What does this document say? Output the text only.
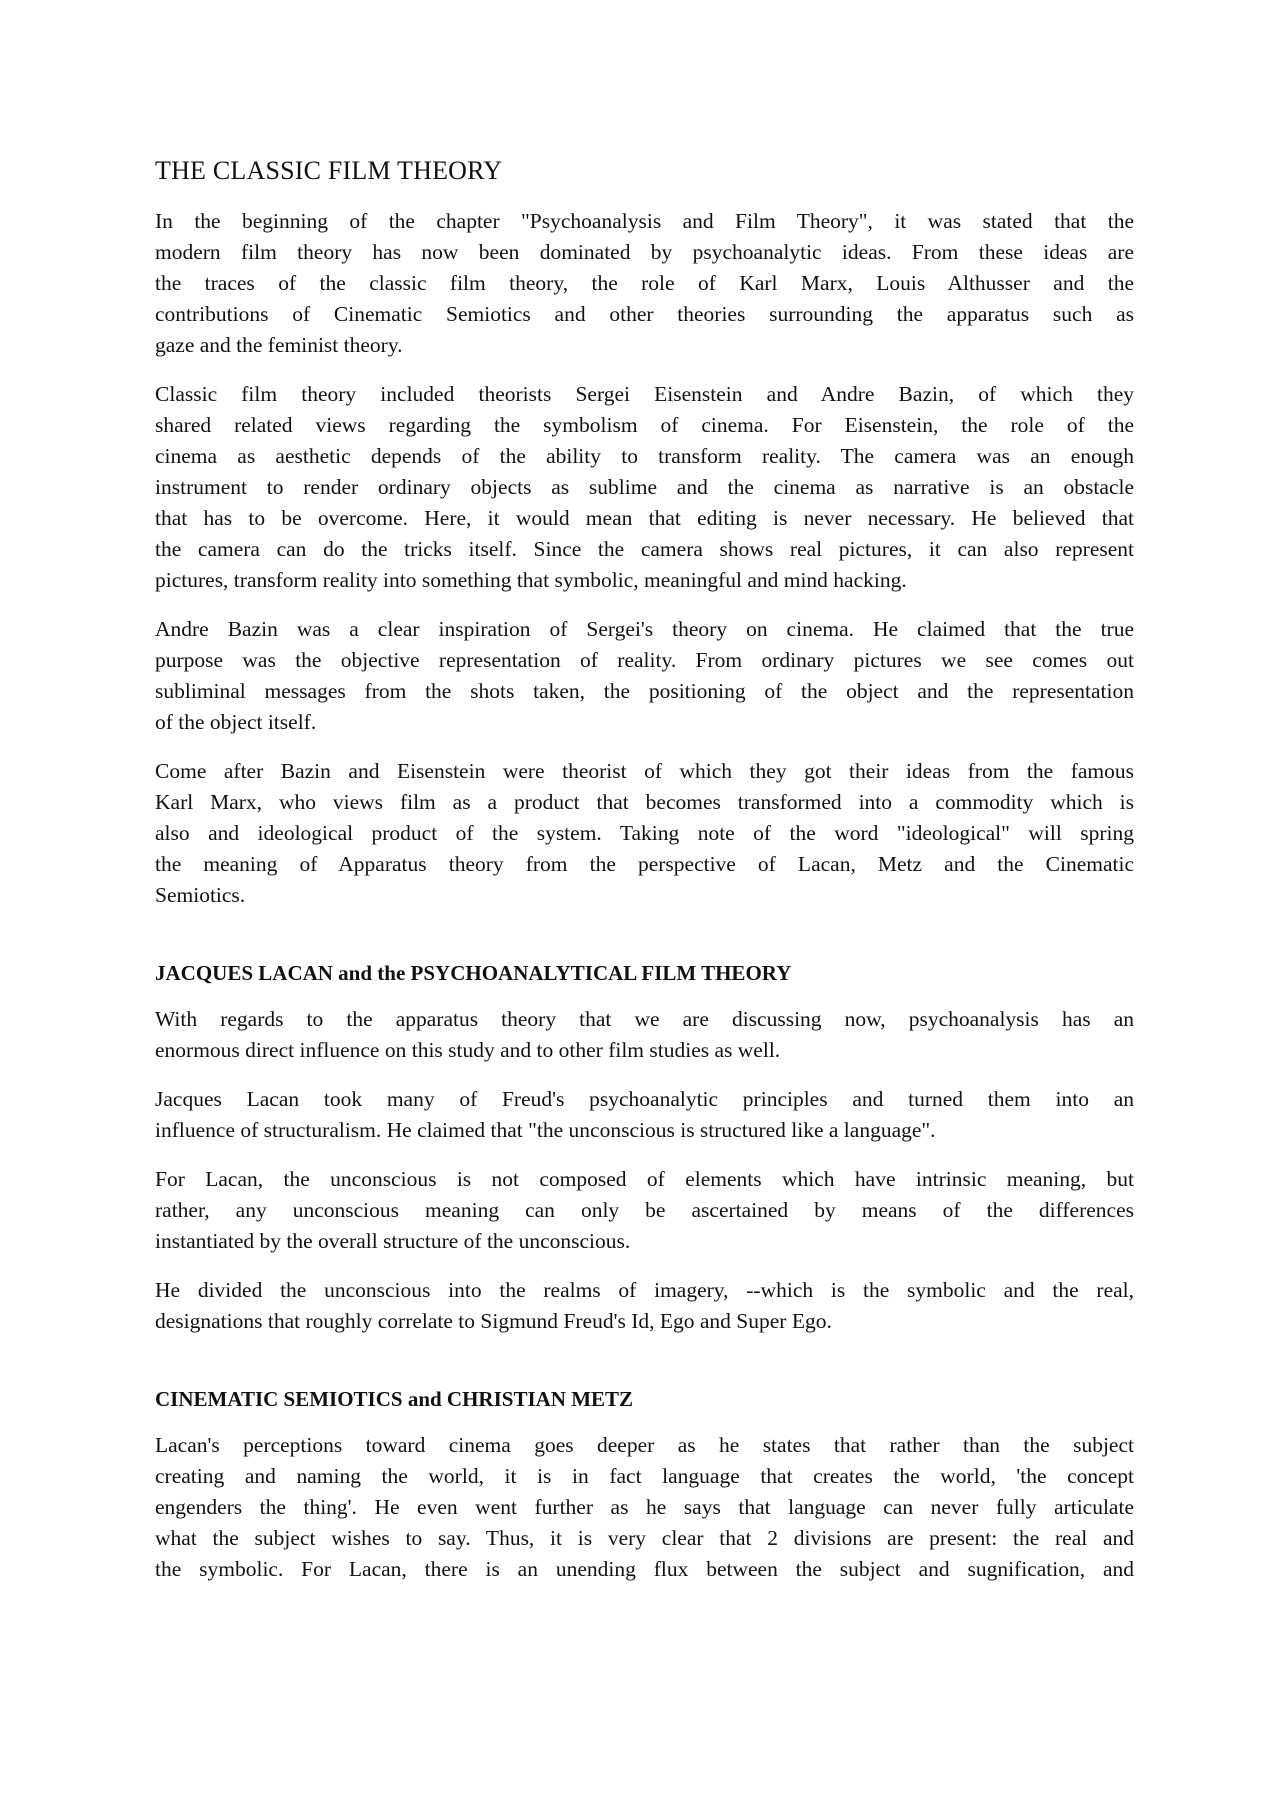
THE CLASSIC FILM THEORY

In the beginning of the chapter "Psychoanalysis and Film Theory", it was stated that the
modern film theory has now been dominated by psychoanalytic ideas. From these ideas are
the traces of the classic film theory, the role of Karl Marx, Louis Althusser and the
contributions of Cinematic Semiotics and other theories surrounding the apparatus such as
gaze and the feminist theory.

Classic film theory included theorists Sergei Eisenstein and Andre Bazin, of which they
shared related views regarding the symbolism of cinema. For Eisenstein, the role of the
cinema as aesthetic depends of the ability to transform reality. The camera was an enough
instrument to render ordinary objects as sublime and the cinema as narrative is an obstacle
that has to be overcome. Here, it would mean that editing is never necessary. He believed that
the camera can do the tricks itself. Since the camera shows real pictures, it can also represent
pictures, transform reality into something that symbolic, meaningful and mind hacking.

Andre Bazin was a clear inspiration of Sergei's theory on cinema. He claimed that the true
purpose was the objective representation of reality. From ordinary pictures we see comes out
subliminal messages from the shots taken, the positioning of the object and the representation
of the object itself.

Come after Bazin and Eisenstein were theorist of which they got their ideas from the famous
Karl Marx, who views film as a product that becomes transformed into a commodity which is
also and ideological product of the system. Taking note of the word "ideological" will spring
the meaning of Apparatus theory from the perspective of Lacan, Metz and the Cinematic
Semiotics.

JACQUES LACAN and the PSYCHOANALYTICAL FILM THEORY

With regards to the apparatus theory that we are discussing now, psychoanalysis has an
enormous direct influence on this study and to other film studies as well.

Jacques Lacan took many of Freud's psychoanalytic principles and turned them into an
influence of structuralism. He claimed that "the unconscious is structured like a language".

For Lacan, the unconscious is not composed of elements which have intrinsic meaning, but
rather, any unconscious meaning can only be ascertained by means of the differences
instantiated by the overall structure of the unconscious.

He divided the unconscious into the realms of imagery, --which is the symbolic and the real,
designations that roughly correlate to Sigmund Freud's Id, Ego and Super Ego.

CINEMATIC SEMIOTICS and CHRISTIAN METZ

Lacan's perceptions toward cinema goes deeper as he states that rather than the subject
creating and naming the world, it is in fact language that creates the world, 'the concept
engenders the thing'. He even went further as he says that language can never fully articulate
what the subject wishes to say. Thus, it is very clear that 2 divisions are present: the real and
the symbolic. For Lacan, there is an unending flux between the subject and sugnification, and
